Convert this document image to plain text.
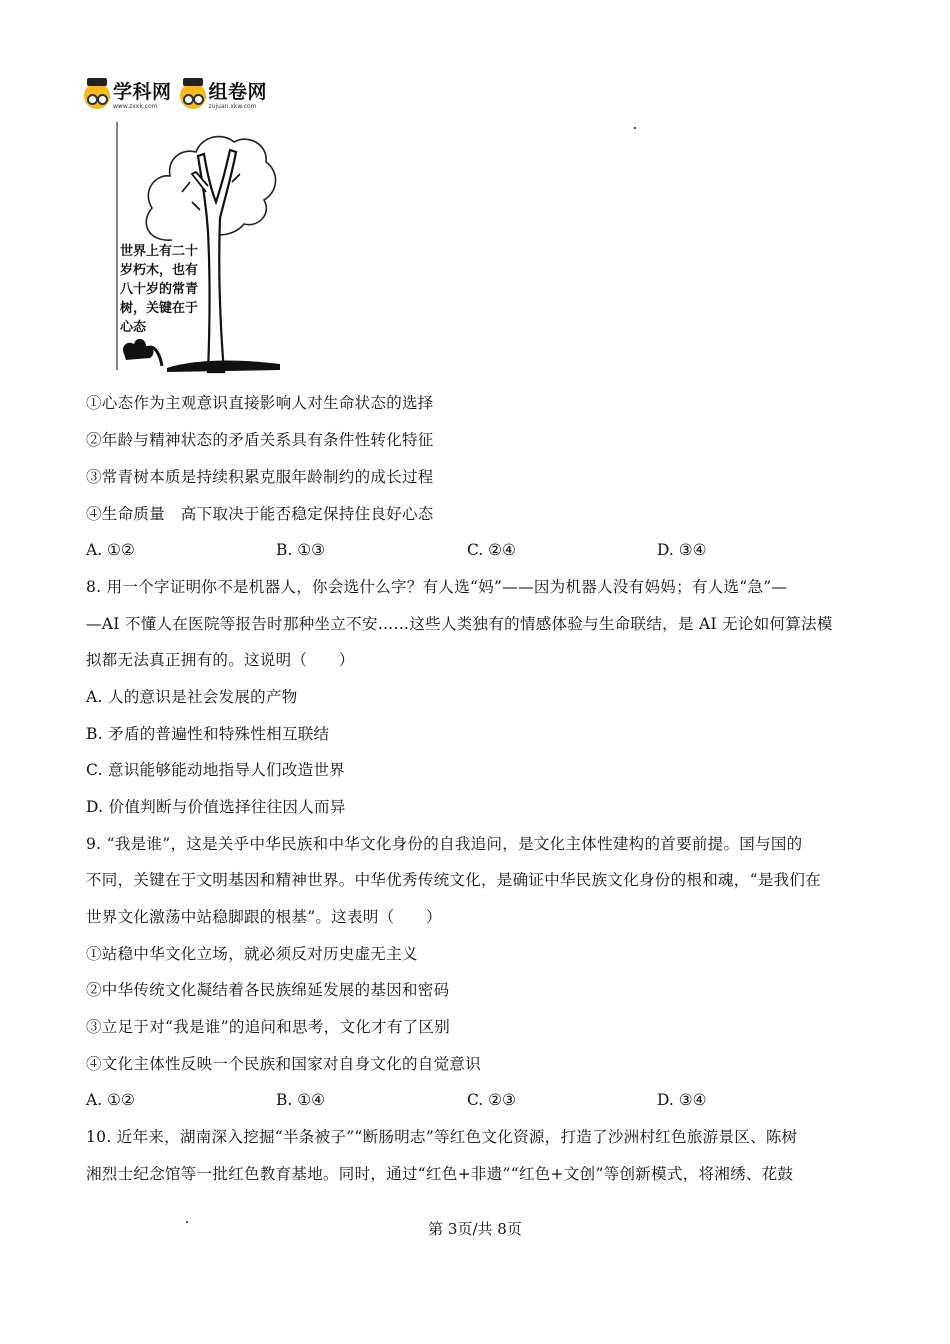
学科网
www.zxxk.com
组卷网
zujuan.xkw.com
世界上有二十岁朽木，也有八十岁的常青树，关键在于心态
①心态作为主观意识直接影响人对生命状态的选择
②年龄与精神状态的矛盾关系具有条件性转化特征
③常青树本质是持续积累克服年龄制约的成长过程
④生命质量　高下取决于能否稳定保持住良好心态
A. ①②	B. ①③	C. ②④	D. ③④
8. 用一个字证明你不是机器人，你会选什么字？有人选“妈”——因为机器人没有妈妈；有人选“急”—
—AI 不懂人在医院等报告时那种坐立不安……这些人类独有的情感体验与生命联结，是 AI 无论如何算法模
拟都无法真正拥有的。这说明（　　）
A. 人的意识是社会发展的产物
B. 矛盾的普遍性和特殊性相互联结
C. 意识能够能动地指导人们改造世界
D. 价值判断与价值选择往往因人而异
9. “我是谁”，这是关乎中华民族和中华文化身份的自我追问，是文化主体性建构的首要前提。国与国的
不同，关键在于文明基因和精神世界。中华优秀传统文化，是确证中华民族文化身份的根和魂，“是我们在
世界文化激荡中站稳脚跟的根基”。这表明（　　）
①站稳中华文化立场，就必须反对历史虚无主义
②中华传统文化凝结着各民族绵延发展的基因和密码
③立足于对“我是谁”的追问和思考，文化才有了区别
④文化主体性反映一个民族和国家对自身文化的自觉意识
A. ①②	B. ①④	C. ②③	D. ③④
10. 近年来，湖南深入挖掘“半条被子”“断肠明志”等红色文化资源，打造了沙洲村红色旅游景区、陈树
湘烈士纪念馆等一批红色教育基地。同时，通过“红色+非遗”“红色+文创”等创新模式，将湘绣、花鼓
第 3页/共 8页
